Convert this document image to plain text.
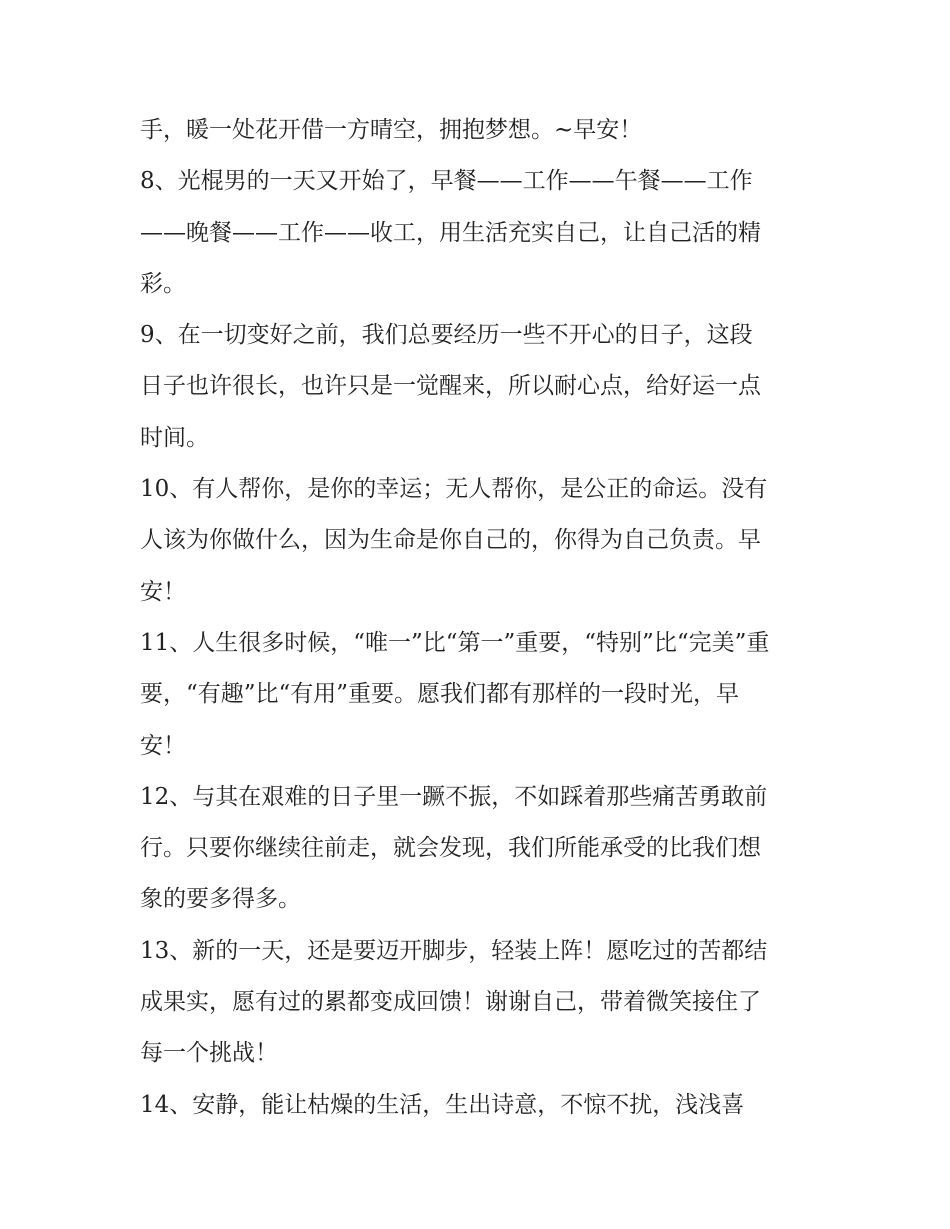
手，暖一处花开借一方晴空，拥抱梦想。~早安！
8、光棍男的一天又开始了，早餐——工作——午餐——工作
——晚餐——工作——收工，用生活充实自己，让自己活的精
彩。
9、在一切变好之前，我们总要经历一些不开心的日子，这段
日子也许很长，也许只是一觉醒来，所以耐心点，给好运一点
时间。
10、有人帮你，是你的幸运；无人帮你，是公正的命运。没有
人该为你做什么，因为生命是你自己的，你得为自己负责。早
安！
11、人生很多时候，“唯一”比“第一”重要，“特别”比“完美”重
要，“有趣”比“有用”重要。愿我们都有那样的一段时光，早
安！
12、与其在艰难的日子里一蹶不振，不如踩着那些痛苦勇敢前
行。只要你继续往前走，就会发现，我们所能承受的比我们想
象的要多得多。
13、新的一天，还是要迈开脚步，轻装上阵！愿吃过的苦都结
成果实，愿有过的累都变成回馈！谢谢自己，带着微笑接住了
每一个挑战！
14、安静，能让枯燥的生活，生出诗意，不惊不扰，浅浅喜
